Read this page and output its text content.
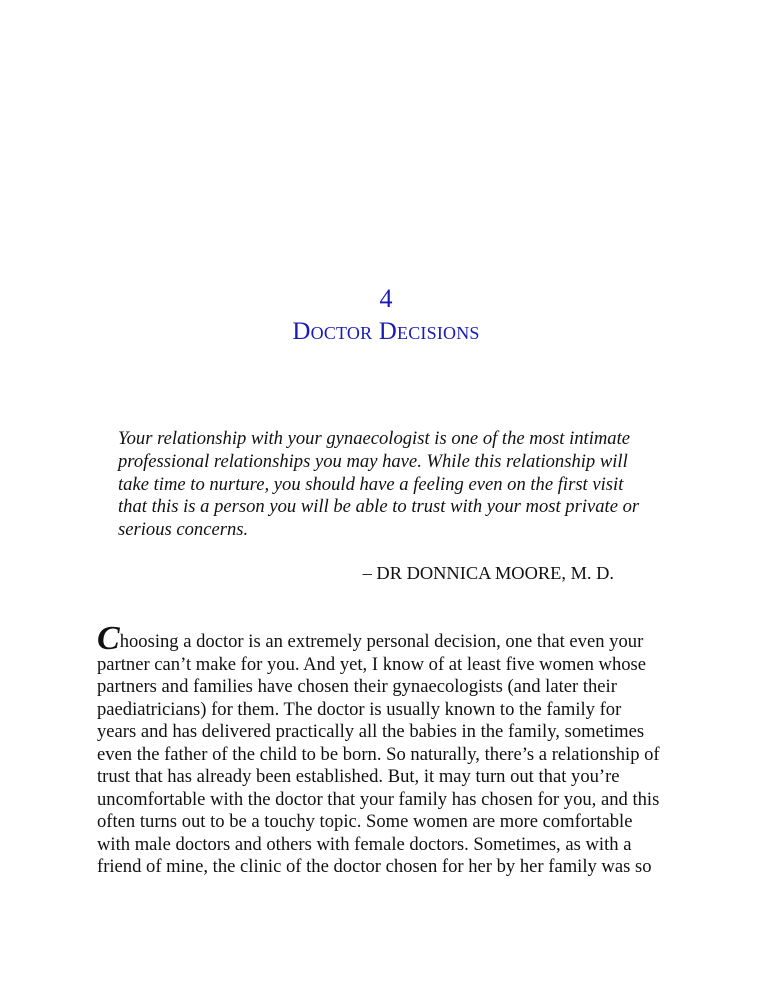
4
Doctor Decisions

Your relationship with your gynaecologist is one of the most intimate

professional relationships you may have. While this relationship will

take time to nurture, you should have a feeling even on the first visit

that this is a person you will be able to trust with your most private or

serious concerns.

– DR DONNICA MOORE, M. D.
Choosing a doctor is an extremely personal decision, one that even your
partner can’t make for you. And yet, I know of at least five women whose
partners and families have chosen their gynaecologists (and later their
paediatricians) for them. The doctor is usually known to the family for
years and has delivered practically all the babies in the family, sometimes
even the father of the child to be born. So naturally, there’s a relationship of
trust that has already been established. But, it may turn out that you’re
uncomfortable with the doctor that your family has chosen for you, and this
often turns out to be a touchy topic. Some women are more comfortable
with male doctors and others with female doctors. Sometimes, as with a
friend of mine, the clinic of the doctor chosen for her by her family was so
